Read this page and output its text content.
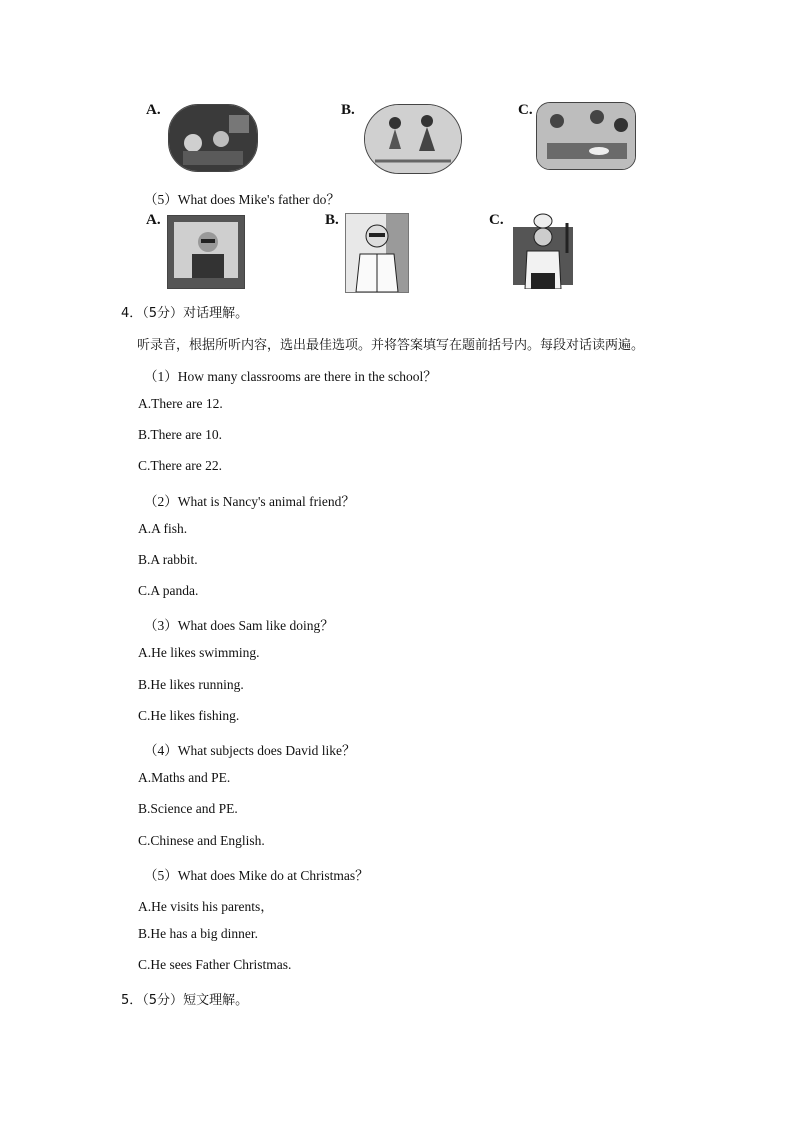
A.	B.	C.
（5）What does Mike's father do？
A.	B.	C.
4．（5分）对话理解。
听录音，根据所听内容，选出最佳选项。并将答案填写在题前括号内。每段对话读两遍。
（1）How many classrooms are there in the school？
A.There are 12.
B.There are 10.
C.There are 22.
（2）What is Nancy's animal friend？
A.A fish.
B.A rabbit.
C.A panda.
（3）What does Sam like doing？
A.He likes swimming.
B.He likes running.
C.He likes fishing.
（4）What subjects does David like？
A.Maths and PE.
B.Science and PE.
C.Chinese and English.
（5）What does Mike do at Christmas？
A.He visits his parents，
B.He has a big dinner.
C.He sees Father Christmas.
5．（5分）短文理解。
